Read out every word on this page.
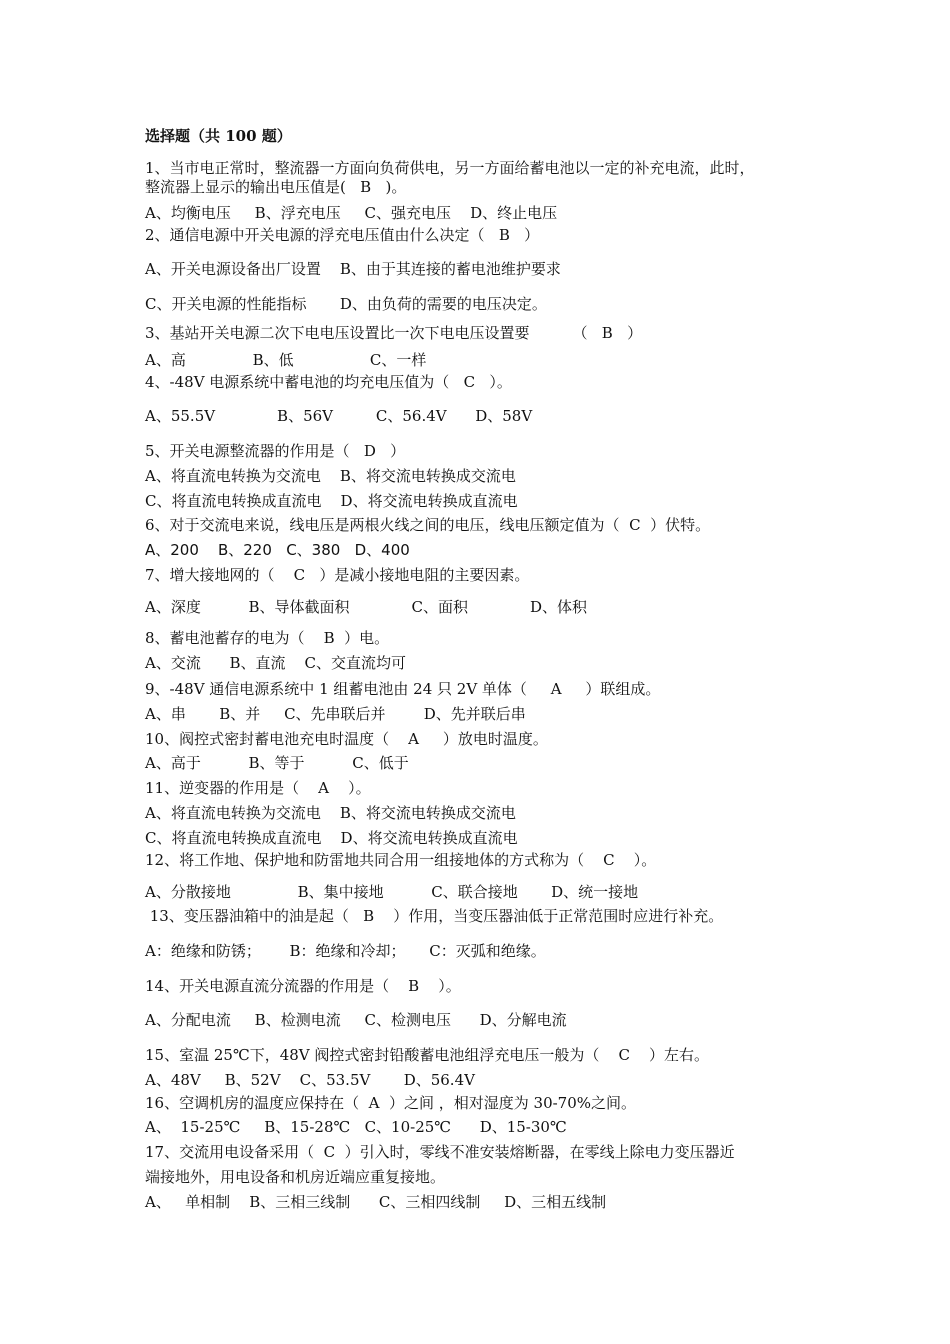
选择题（共 100 题）
1、当市电正常时，整流器一方面向负荷供电，另一方面给蓄电池以一定的补充电流，此时，
整流器上显示的输出电压值是(   B   )。
A、均衡电压     B、浮充电压     C、强充电压    D、终止电压
2、通信电源中开关电源的浮充电压值由什么决定（   B   ）
A、开关电源设备出厂设置    B、由于其连接的蓄电池维护要求
C、开关电源的性能指标       D、由负荷的需要的电压决定。
3、基站开关电源二次下电电压设置比一次下电电压设置要         （   B   ）
A、高              B、低                C、一样
4、-48V 电源系统中蓄电池的均充电压值为（   C   ）。
A、55.5V             B、56V         C、56.4V      D、58V
5、开关电源整流器的作用是（   D   ）
A、将直流电转换为交流电    B、将交流电转换成交流电
C、将直流电转换成直流电    D、将交流电转换成直流电
6、对于交流电来说，线电压是两根火线之间的电压，线电压额定值为（  C  ）伏特。
A、200    B、220   C、380   D、400
7、增大接地网的（    C   ）是减小接地电阻的主要因素。
A、深度          B、导体截面积             C、面积             D、体积
8、蓄电池蓄存的电为（    B  ）电。
A、交流      B、直流    C、交直流均可
9、-48V 通信电源系统中 1 组蓄电池由 24 只 2V 单体（     A     ）联组成。
A、串       B、并     C、先串联后并        D、先并联后串
10、阀控式密封蓄电池充电时温度（    A     ）放电时温度。
A、高于          B、等于          C、低于
11、逆变器的作用是（    A    ）。
A、将直流电转换为交流电    B、将交流电转换成交流电
C、将直流电转换成直流电    D、将交流电转换成直流电
12、将工作地、保护地和防雷地共同合用一组接地体的方式称为（    C    ）。
A、分散接地              B、集中接地          C、联合接地       D、统一接地
13、变压器油箱中的油是起（   B    ）作用，当变压器油低于正常范围时应进行补充。
A：绝缘和防锈；      B：绝缘和冷却；     C：灭弧和绝缘。
14、开关电源直流分流器的作用是（    B    ）。
A、分配电流     B、检测电流     C、检测电压      D、分解电流
15、室温 25℃下，48V 阀控式密封铅酸蓄电池组浮充电压一般为（    C    ）左右。
A、48V     B、52V    C、53.5V       D、56.4V
16、空调机房的温度应保持在（  A  ）之间 ，相对湿度为 30-70%之间。
A、  15-25℃     B、15-28℃   C、10-25℃      D、15-30℃
17、交流用电设备采用（  C  ）引入时，零线不准安装熔断器，在零线上除电力变压器近
端接地外，用电设备和机房近端应重复接地。
A、   单相制    B、三相三线制      C、三相四线制     D、三相五线制
